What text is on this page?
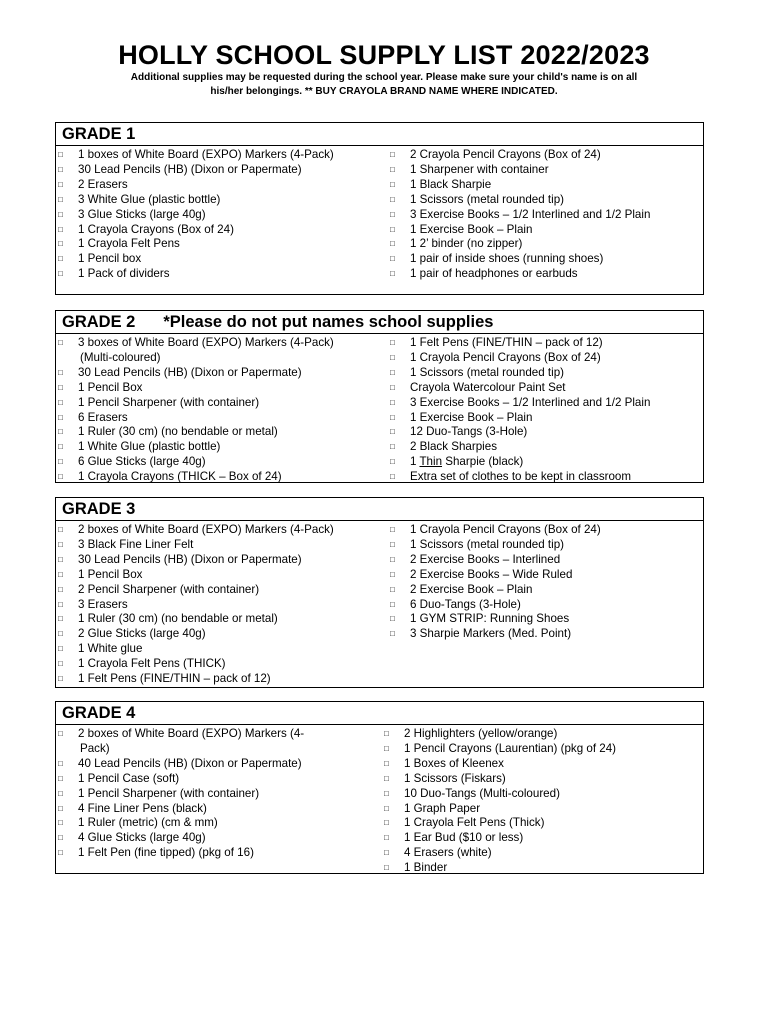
HOLLY SCHOOL SUPPLY LIST 2022/2023
Additional supplies may be requested during the school year. Please make sure your child's name is on all
his/her belongings. ** BUY CRAYOLA BRAND NAME WHERE INDICATED.
GRADE 1
□	1 boxes of White Board (EXPO) Markers (4-Pack)
□	30 Lead Pencils (HB) (Dixon or Papermate)
□	2 Erasers
□	3 White Glue (plastic bottle)
□	3 Glue Sticks (large 40g)
□	1 Crayola Crayons (Box of 24)
□	1 Crayola Felt Pens
□	1 Pencil box
□	1 Pack of dividers
□	2 Crayola Pencil Crayons (Box of 24)
□	1 Sharpener with container
□	1 Black Sharpie
□	1 Scissors (metal rounded tip)
□	3 Exercise Books – 1/2 Interlined and 1/2 Plain
□	1 Exercise Book – Plain
□	1 2’ binder (no zipper)
□	1 pair of inside shoes (running shoes)
□	1 pair of headphones or earbuds
GRADE 2 *Please do not put names school supplies
□	3 boxes of White Board (EXPO) Markers (4-Pack)
(Multi-coloured)
□	30 Lead Pencils (HB) (Dixon or Papermate)
□	1 Pencil Box
□	1 Pencil Sharpener (with container)
□	6 Erasers
□	1 Ruler (30 cm) (no bendable or metal)
□	1 White Glue (plastic bottle)
□	6 Glue Sticks (large 40g)
□	1 Crayola Crayons (THICK – Box of 24)
□	1 Felt Pens (FINE/THIN – pack of 12)
□	1 Crayola Pencil Crayons (Box of 24)
□	1 Scissors (metal rounded tip)
□	Crayola Watercolour Paint Set
□	3 Exercise Books – 1/2 Interlined and 1/2 Plain
□	1 Exercise Book – Plain
□	12 Duo-Tangs (3-Hole)
□	2 Black Sharpies
□	1 Thin Sharpie (black)
□	Extra set of clothes to be kept in classroom
GRADE 3
□	2 boxes of White Board (EXPO) Markers (4-Pack)
□	3 Black Fine Liner Felt
□	30 Lead Pencils (HB) (Dixon or Papermate)
□	1 Pencil Box
□	2 Pencil Sharpener (with container)
□	3 Erasers
□	1 Ruler (30 cm) (no bendable or metal)
□	2 Glue Sticks (large 40g)
□	1 White glue
□	1 Crayola Felt Pens (THICK)
□	1 Felt Pens (FINE/THIN – pack of 12)
□	1 Crayola Pencil Crayons (Box of 24)
□	1 Scissors (metal rounded tip)
□	2 Exercise Books – Interlined
□	2 Exercise Books – Wide Ruled
□	2 Exercise Book – Plain
□	6 Duo-Tangs (3-Hole)
□	1 GYM STRIP: Running Shoes
□	3 Sharpie Markers (Med. Point)
GRADE 4
□	2 boxes of White Board (EXPO) Markers (4-
Pack)
□	40 Lead Pencils (HB) (Dixon or Papermate)
□	1 Pencil Case (soft)
□	1 Pencil Sharpener (with container)
□	4 Fine Liner Pens (black)
□	1 Ruler (metric) (cm & mm)
□	4 Glue Sticks (large 40g)
□	1 Felt Pen (fine tipped) (pkg of 16)
□	2 Highlighters (yellow/orange)
□	1 Pencil Crayons (Laurentian) (pkg of 24)
□	1 Boxes of Kleenex
□	1 Scissors (Fiskars)
□	10 Duo-Tangs (Multi-coloured)
□	1 Graph Paper
□	1 Crayola Felt Pens (Thick)
□	1 Ear Bud ($10 or less)
□	4 Erasers (white)
□	1 Binder
